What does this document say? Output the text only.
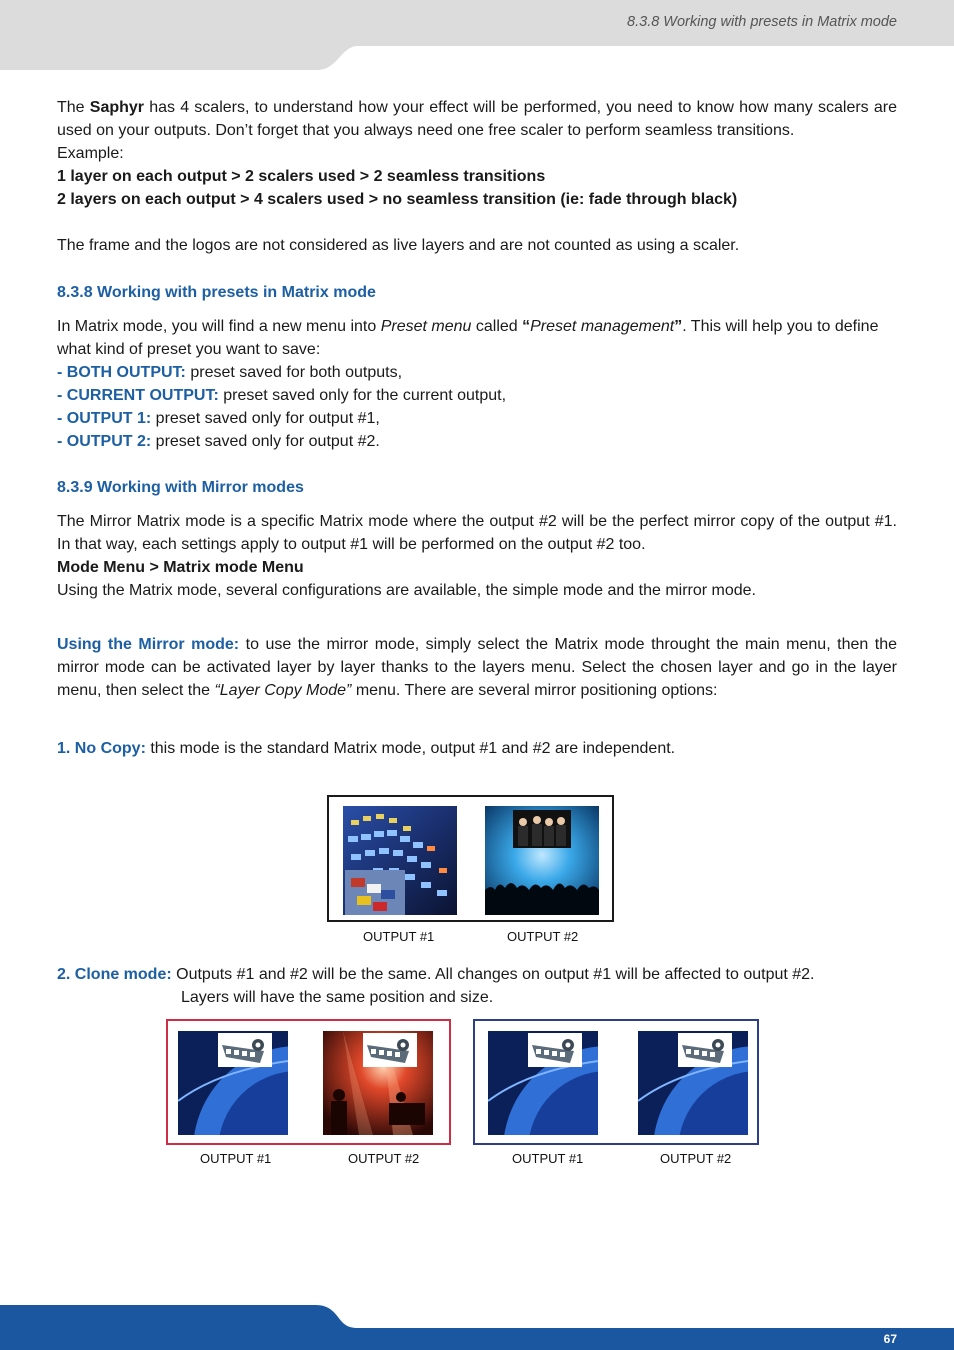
8.3.8 Working with presets in Matrix mode
67

The Saphyr has 4 scalers, to understand how your effect will be performed, you need to know how many scalers are used on your outputs. Don’t forget that you always need one free scaler to perform seamless transitions.

Example:

1 layer on each output > 2 scalers used > 2 seamless transitions

2 layers on each output > 4 scalers used > no seamless transition (ie: fade through black)

The frame and the logos are not considered as live layers and are not counted as using a scaler.

8.3.8 Working with presets in Matrix mode

In Matrix mode, you will find a new menu into Preset menu called “Preset management”. This will help you to define what kind of preset you want to save:

- BOTH OUTPUT: preset saved for both outputs,

- CURRENT OUTPUT: preset saved only for the current output,

- OUTPUT 1: preset saved only for output #1,

- OUTPUT 2: preset saved only for output #2.

8.3.9 Working with Mirror modes

The Mirror Matrix mode is a specific Matrix mode where the output #2 will be the perfect mirror copy of the output #1. In that way, each settings apply to output #1 will be performed on the output #2 too.

Mode Menu > Matrix mode Menu

Using the Matrix mode, several configurations are available, the simple mode and the mirror mode.

Using the Mirror mode: to use the mirror mode, simply select the Matrix mode throught the main menu, then the mirror mode can be activated layer by layer thanks to the layers menu. Select the chosen layer and go in the layer menu, then select the “Layer Copy Mode” menu. There are several mirror positioning options:

1. No Copy: this mode is the standard Matrix mode, output #1 and #2 are independent.

2. Clone mode: Outputs #1 and #2 will be the same. All changes on output #1 will be affected to output #2.

Layers will have the same position and size.

OUTPUT #1	OUTPUT #2
OUTPUT #1	OUTPUT #2	OUTPUT #1	OUTPUT #2
